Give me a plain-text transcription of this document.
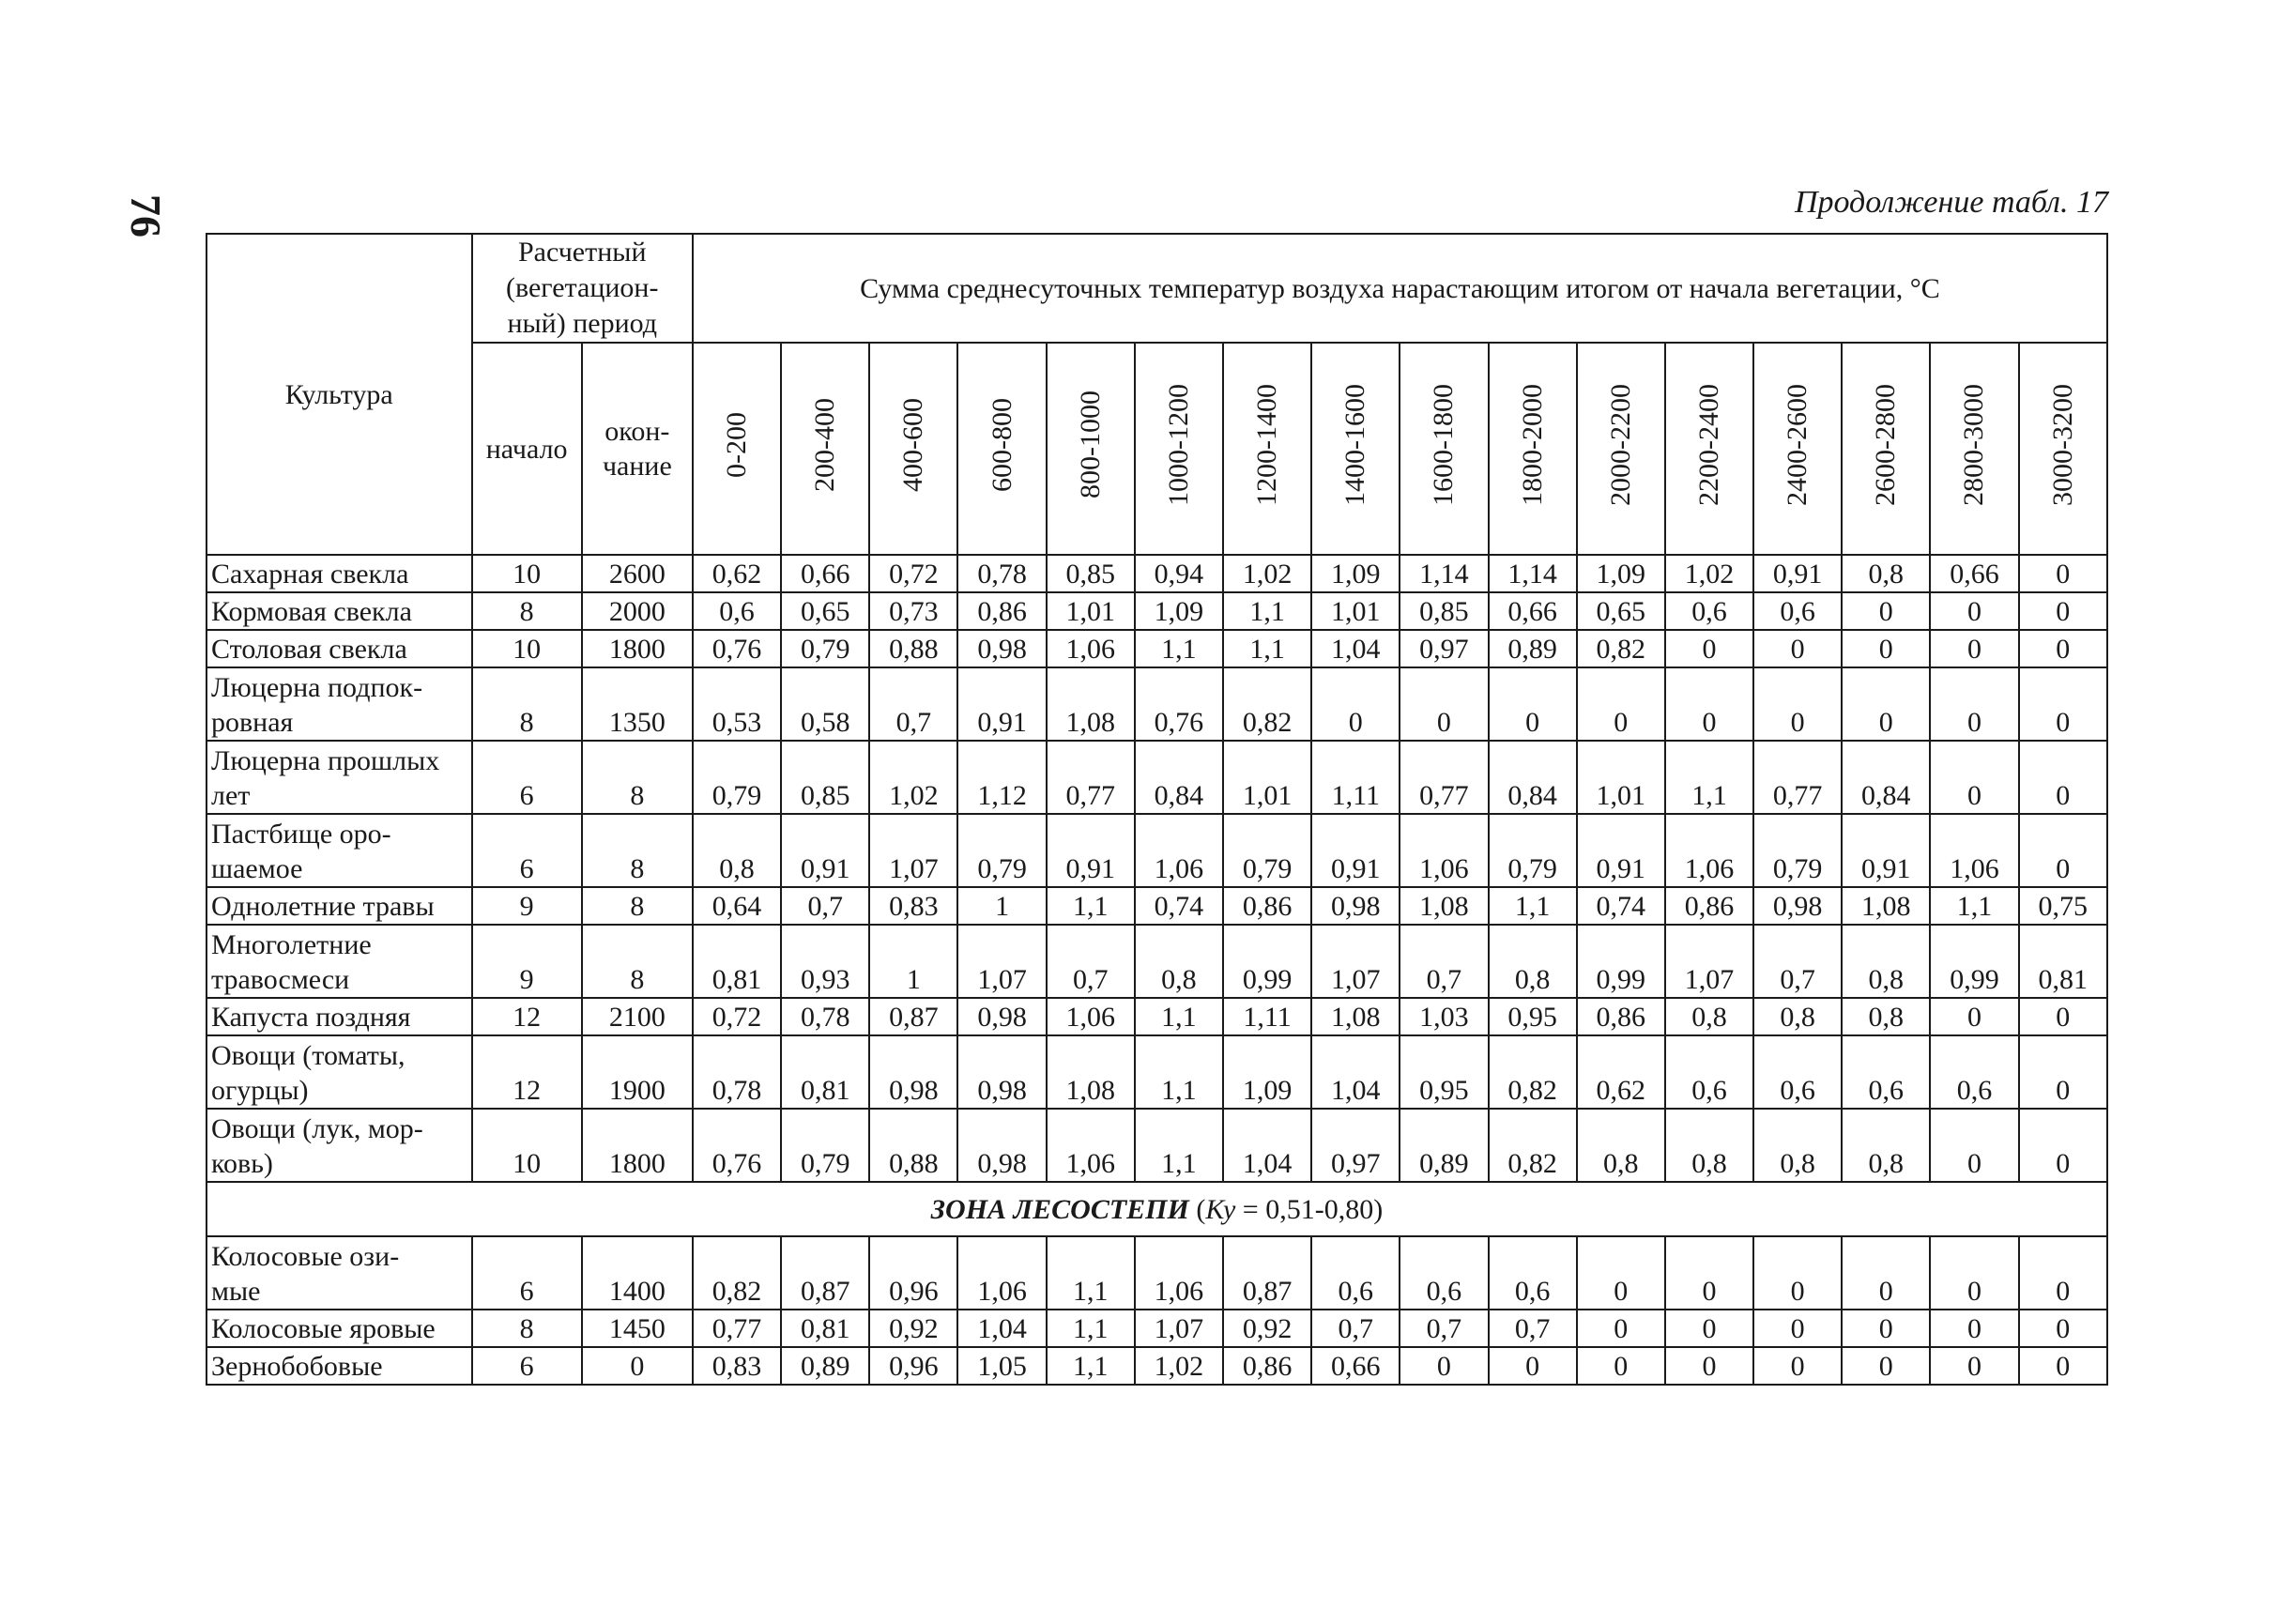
76	Продолжение табл. 17
Культура	Расчетный
(вегетацион-
ный) период		Сумма среднесуточных температур воздуха нарастающим итогом от начала вегетации, °С															
	начало	окон-
чание	0-200	200-400	400-600	600-800	800-1000	1000-1200	1200-1400	1400-1600	1600-1800	1800-2000	2000-2200	2200-2400	2400-2600	2600-2800	2800-3000	3000-3200

Сахарная свекла	10	2600	0,62	0,66	0,72	0,78	0,85	0,94	1,02	1,09	1,14	1,14	1,09	1,02	0,91	0,8	0,66	0

Кормовая свекла	8	2000	0,6	0,65	0,73	0,86	1,01	1,09	1,1	1,01	0,85	0,66	0,65	0,6	0,6	0	0	0

Столовая свекла	10	1800	0,76	0,79	0,88	0,98	1,06	1,1	1,1	1,04	0,97	0,89	0,82	0	0	0	0	0

Люцерна подпок-
ровная	8	1350	0,53	0,58	0,7	0,91	1,08	0,76	0,82	0	0	0	0	0	0	0	0	0

Люцерна прошлых
лет	6	8	0,79	0,85	1,02	1,12	0,77	0,84	1,01	1,11	0,77	0,84	1,01	1,1	0,77	0,84	0	0

Пастбище оро-
шаемое	6	8	0,8	0,91	1,07	0,79	0,91	1,06	0,79	0,91	1,06	0,79	0,91	1,06	0,79	0,91	1,06	0

Однолетние травы	9	8	0,64	0,7	0,83	1	1,1	0,74	0,86	0,98	1,08	1,1	0,74	0,86	0,98	1,08	1,1	0,75

Многолетние
травосмеси	9	8	0,81	0,93	1	1,07	0,7	0,8	0,99	1,07	0,7	0,8	0,99	1,07	0,7	0,8	0,99	0,81

Капуста поздняя	12	2100	0,72	0,78	0,87	0,98	1,06	1,1	1,11	1,08	1,03	0,95	0,86	0,8	0,8	0,8	0	0

Овощи (томаты,
огурцы)	12	1900	0,78	0,81	0,98	0,98	1,08	1,1	1,09	1,04	0,95	0,82	0,62	0,6	0,6	0,6	0,6	0

Овощи (лук, мор-
ковь)	10	1800	0,76	0,79	0,88	0,98	1,06	1,1	1,04	0,97	0,89	0,82	0,8	0,8	0,8	0,8	0	0
ЗОНА ЛЕСОСТЕПИ (Ку = 0,51-0,80)																		

Колосовые ози-
мые	6	1400	0,82	0,87	0,96	1,06	1,1	1,06	0,87	0,6	0,6	0,6	0	0	0	0	0	0

Колосовые яровые	8	1450	0,77	0,81	0,92	1,04	1,1	1,07	0,92	0,7	0,7	0,7	0	0	0	0	0	0

Зернобобовые	6	0	0,83	0,89	0,96	1,05	1,1	1,02	0,86	0,66	0	0	0	0	0	0	0	0
